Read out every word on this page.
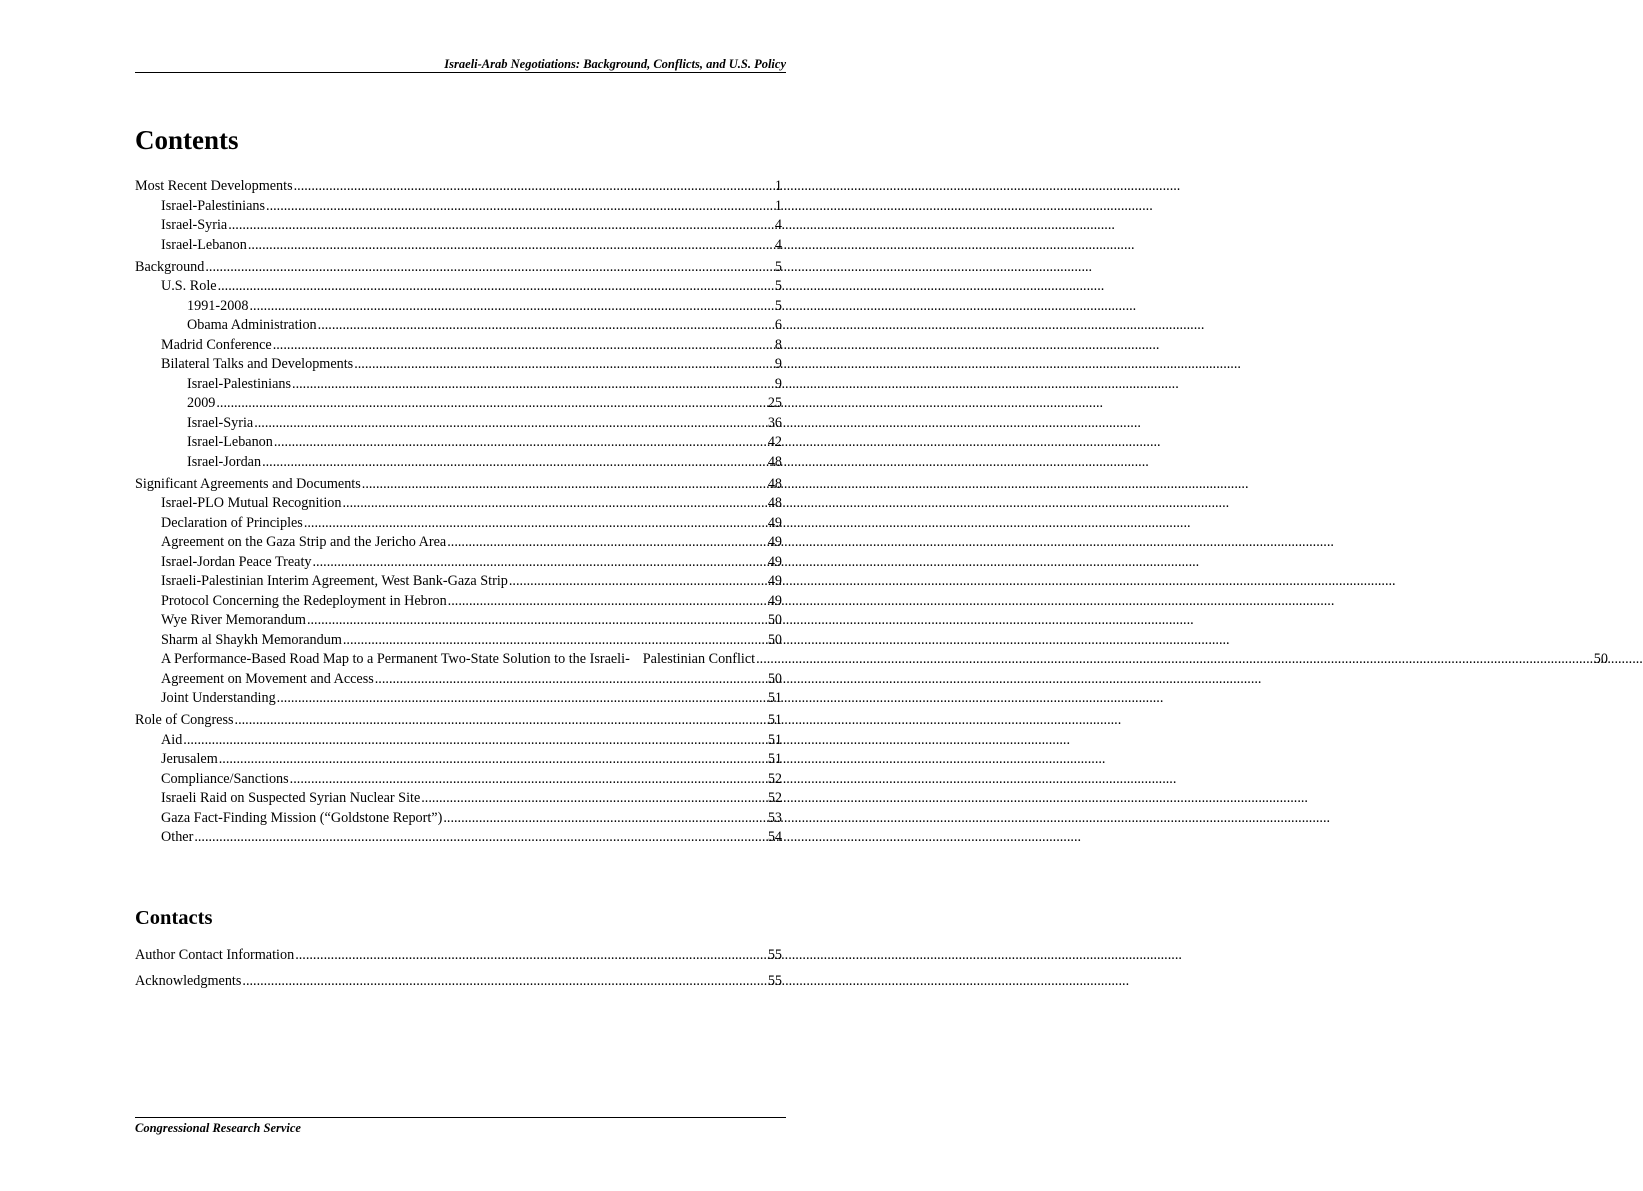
Israeli-Arab Negotiations: Background, Conflicts, and U.S. Policy
Contents
Most Recent Developments .....	1
Israel-Palestinians .....	1
Israel-Syria .....	4
Israel-Lebanon .....	4
Background .....	5
U.S. Role .....	5
1991-2008 .....	5
Obama Administration .....	6
Madrid Conference .....	8
Bilateral Talks and Developments .....	9
Israel-Palestinians .....	9
2009 .....	25
Israel-Syria .....	36
Israel-Lebanon .....	42
Israel-Jordan .....	48
Significant Agreements and Documents .....	48
Israel-PLO Mutual Recognition .....	48
Declaration of Principles .....	49
Agreement on the Gaza Strip and the Jericho Area .....	49
Israel-Jordan Peace Treaty .....	49
Israeli-Palestinian Interim Agreement, West Bank-Gaza Strip .....	49
Protocol Concerning the Redeployment in Hebron .....	49
Wye River Memorandum .....	50
Sharm al Shaykh Memorandum .....	50
A Performance-Based Road Map to a Permanent Two-State Solution to the Israeli- Palestinian Conflict .....	50
Agreement on Movement and Access .....	50
Joint Understanding .....	51
Role of Congress .....	51
Aid .....	51
Jerusalem .....	51
Compliance/Sanctions .....	52
Israeli Raid on Suspected Syrian Nuclear Site .....	52
Gaza Fact-Finding Mission (“Goldstone Report”) .....	53
Other .....	54
Contacts
Author Contact Information .....	55
Acknowledgments .....	55
Congressional Research Service
